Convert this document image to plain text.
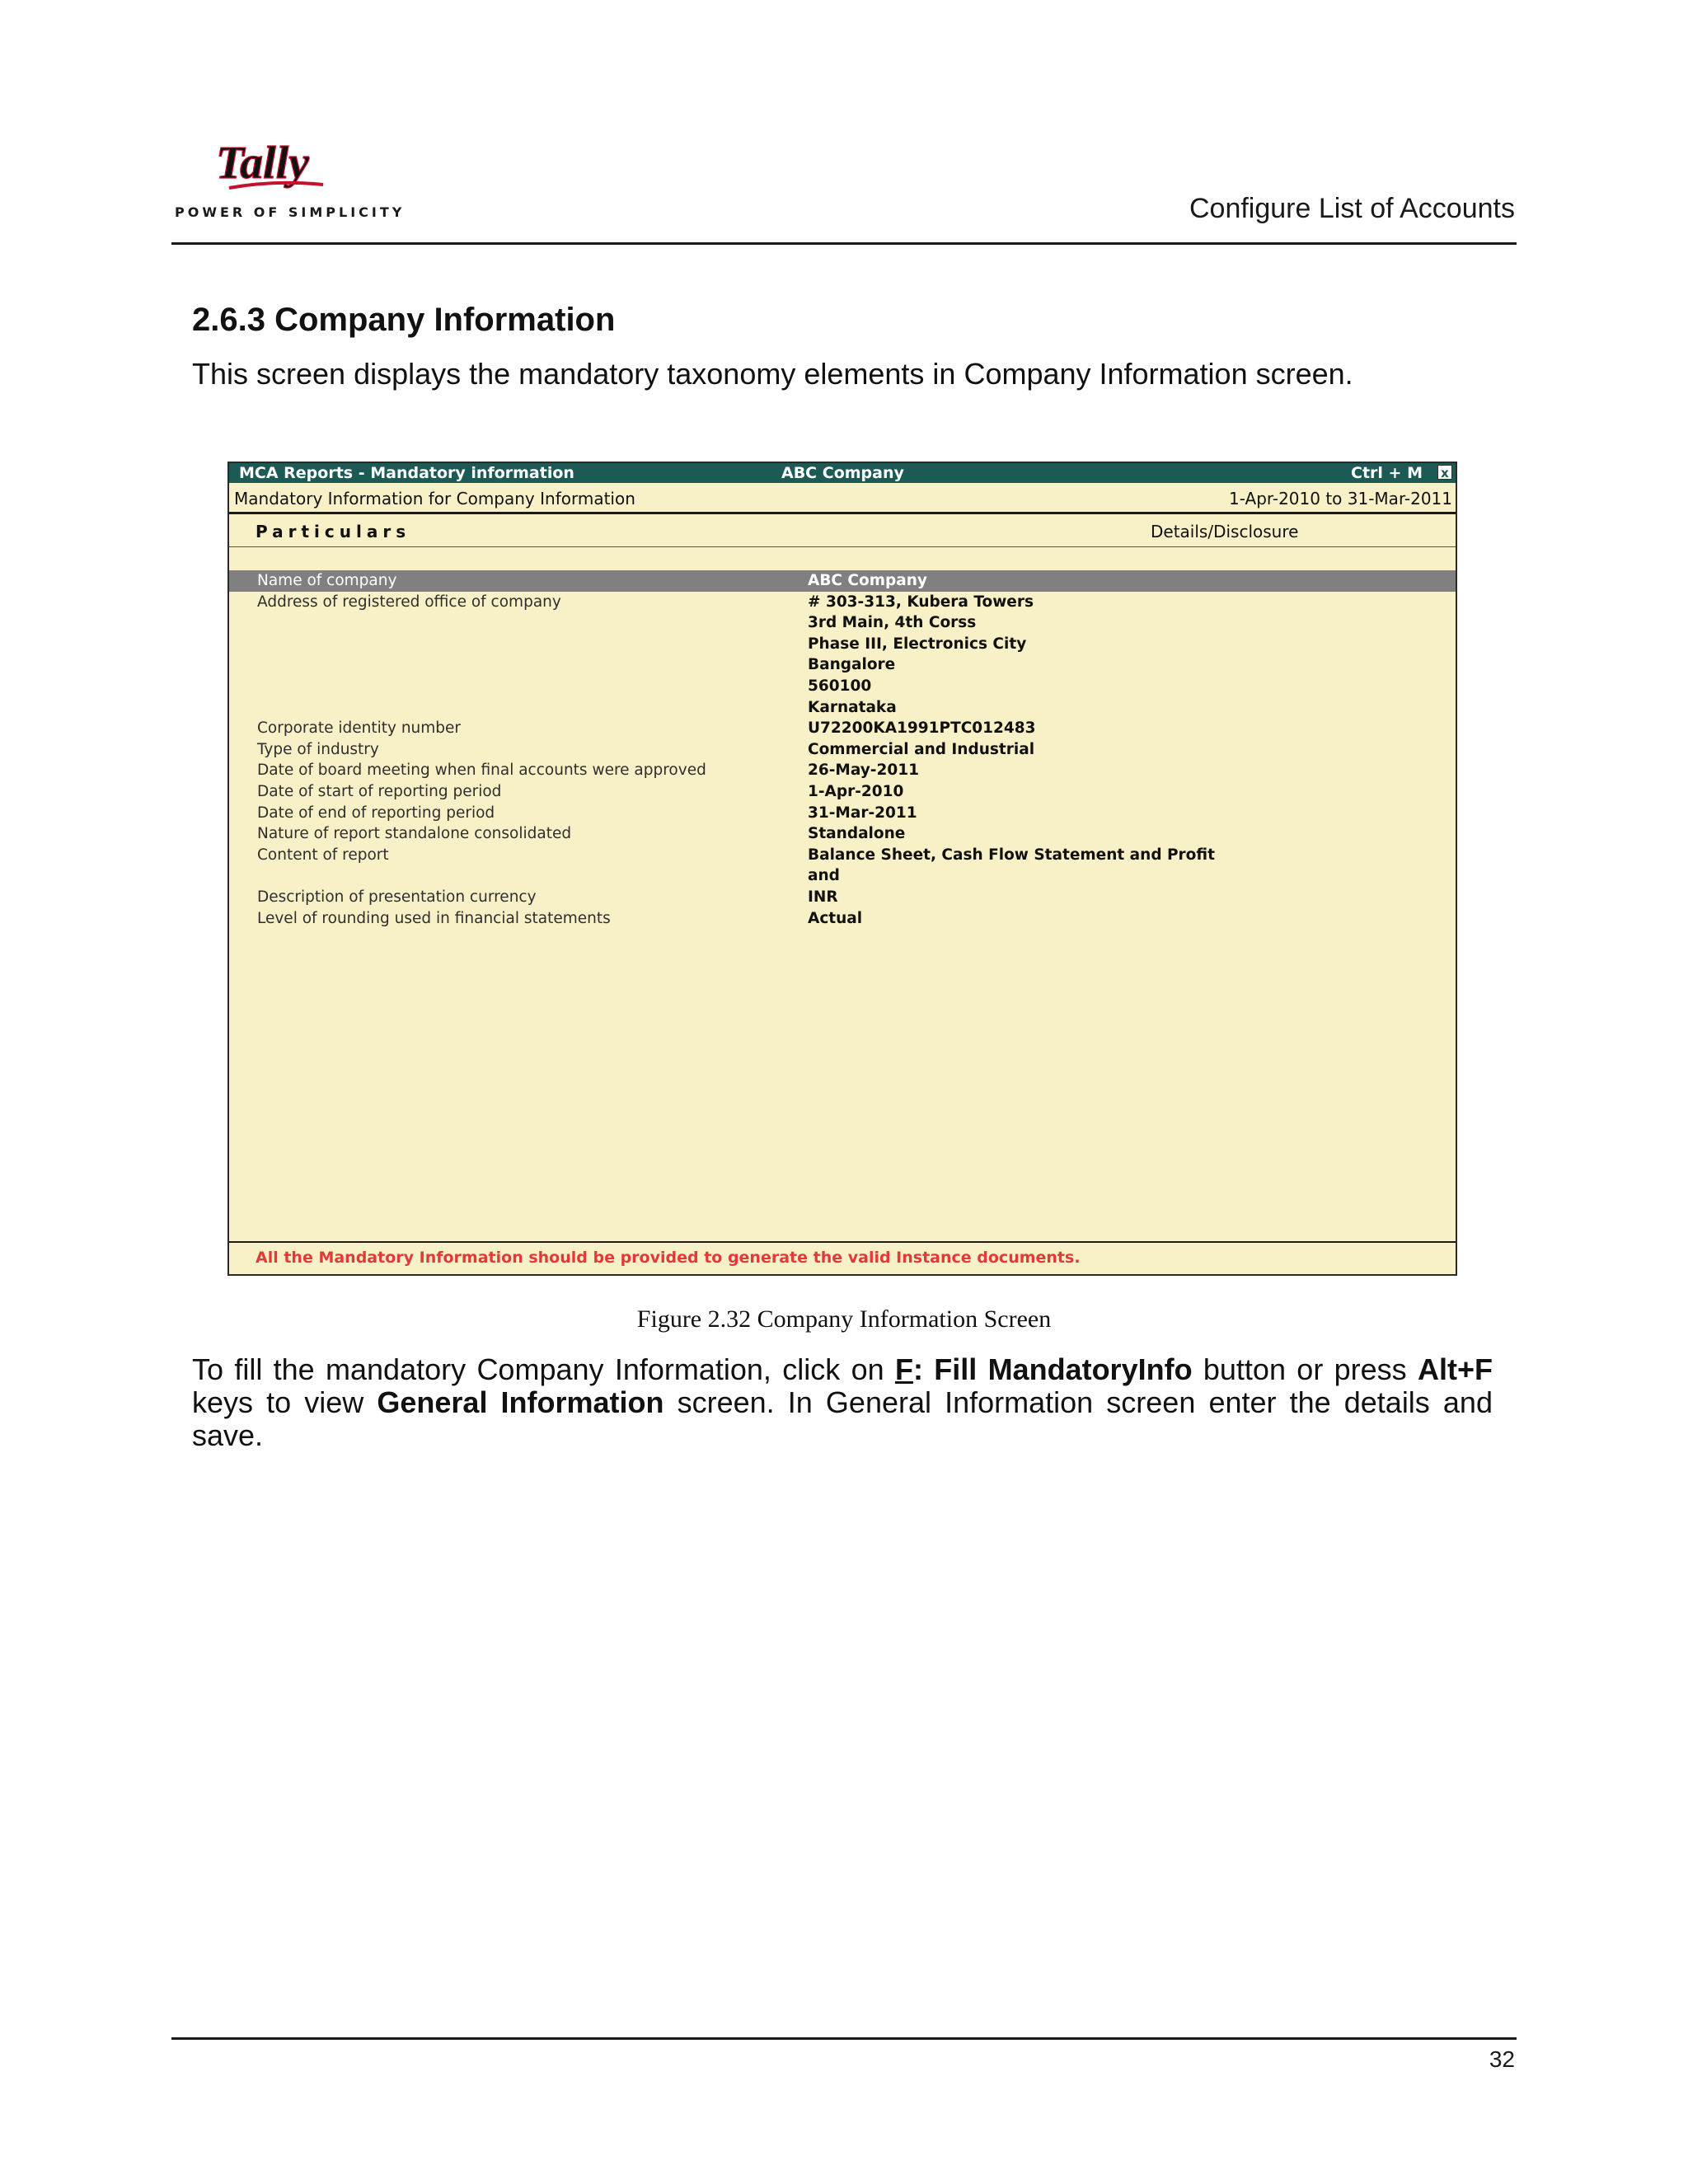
Tally
POWER OF SIMPLICITY	Configure List of Accounts
2.6.3 Company Information
This screen displays the mandatory taxonomy elements in Company Information screen.
MCA Reports - Mandatory information	ABC Company	Ctrl + M x
Mandatory Information for Company Information	1-Apr-2010 to 31-Mar-2011
Particulars	Details/Disclosure
Name of company	ABC Company
Address of registered office of company	# 303-313, Kubera Towers
3rd Main, 4th Corss
Phase III, Electronics City
Bangalore
560100
Karnataka
Corporate identity number	U72200KA1991PTC012483
Type of industry	Commercial and Industrial
Date of board meeting when final accounts were approved	26-May-2011
Date of start of reporting period	1-Apr-2010
Date of end of reporting period	31-Mar-2011
Nature of report standalone consolidated	Standalone
Content of report	Balance Sheet, Cash Flow Statement and Profit
and
Description of presentation currency	INR
Level of rounding used in financial statements	Actual
All the Mandatory Information should be provided to generate the valid Instance documents.
Figure 2.32 Company Information Screen
To fill the mandatory Company Information, click on F: Fill MandatoryInfo button or press Alt+F keys to view General Information screen. In General Information screen enter the details and save.
32
